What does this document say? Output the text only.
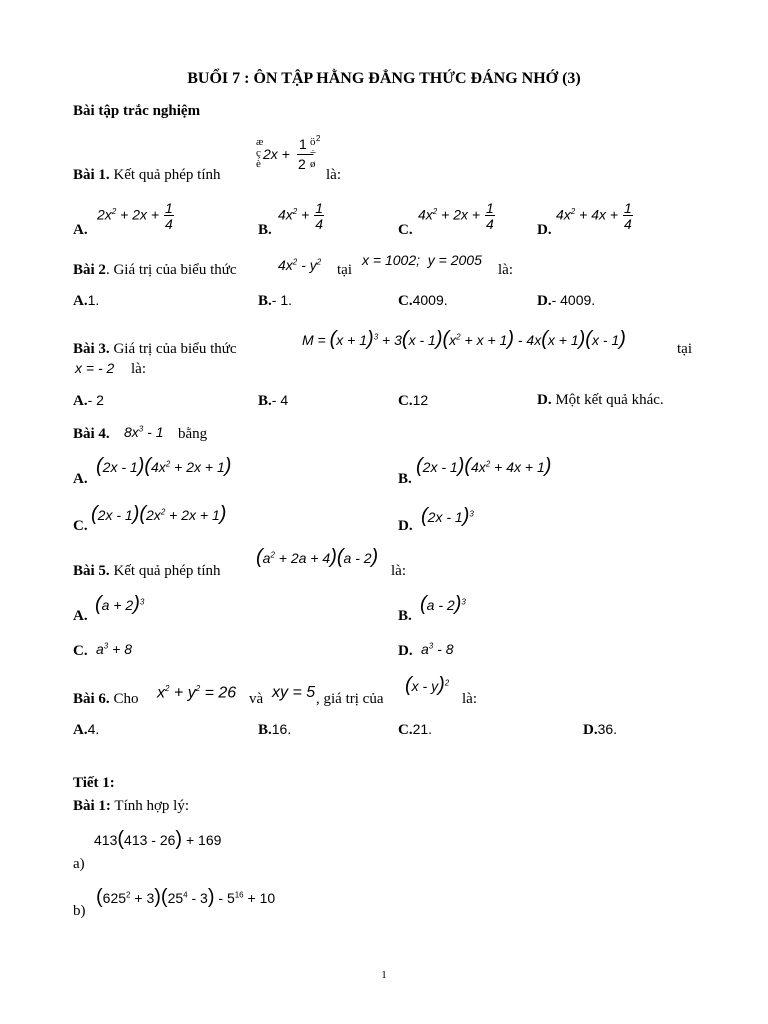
BUỔI 7 : ÔN TẬP HẰNG ĐẲNG THỨC ĐÁNG NHỚ (3)
Bài tập trắc nghiệm
Bài 1. Kết quả phép tính
æ
ç
è
2x +
1
2
ö
÷
ø
2
là:
A.
$2x^2 + 2x + \frac{1}{4}$	B.
$4x^2 + \frac{1}{4}$	C.
$4x^2 + 2x + \frac{1}{4}$	D.
$4x^2 + 4x + \frac{1}{4}$
Bài 2. Giá trị của biểu thức	$4x^2 - y^2$
tại
x = 1002;  y = 2005
là:
A.1.	B.- 1.	C.4009.	D.- 4009.
Bài 3. Giá trị của biểu thức
$M = (x + 1)^3 + 3(x - 1)(x^2 + x + 1) - 4x(x + 1)(x - 1)$	tại
x = - 2 là:
A.- 2	B.- 4	C.12	D. Một kết quả khác.
Bài 4. $8x^3 - 1$ bằng
A.
$(2x - 1)(4x^2 + 2x + 1)$
B.
$(2x - 1)(4x^2 + 4x + 1)$
C.
$(2x - 1)(2x^2 + 2x + 1)$
D. (2x - 1)$^3$
Bài 5. Kết quả phép tính
$(a^2 + 2a + 4)(a - 2)$
là:
A.
$(a + 2)^3$
B.
(a - 2)$^3$
C. $a^3 + 8$	D. $a^3 - 8$
Bài 6. Cho $x^2 + y^2 = 26$ và xy = 5 , giá trị của
(x - y)$^2$
là:
A.4.	B.16.	C.21.	D.36.
Tiết 1:
Bài 1: Tính hợp lý:
413(413 - 26) + 169
a)
$(625^2 + 3)(25^4 - 3) - 5^{16} + 10$
b)
1
